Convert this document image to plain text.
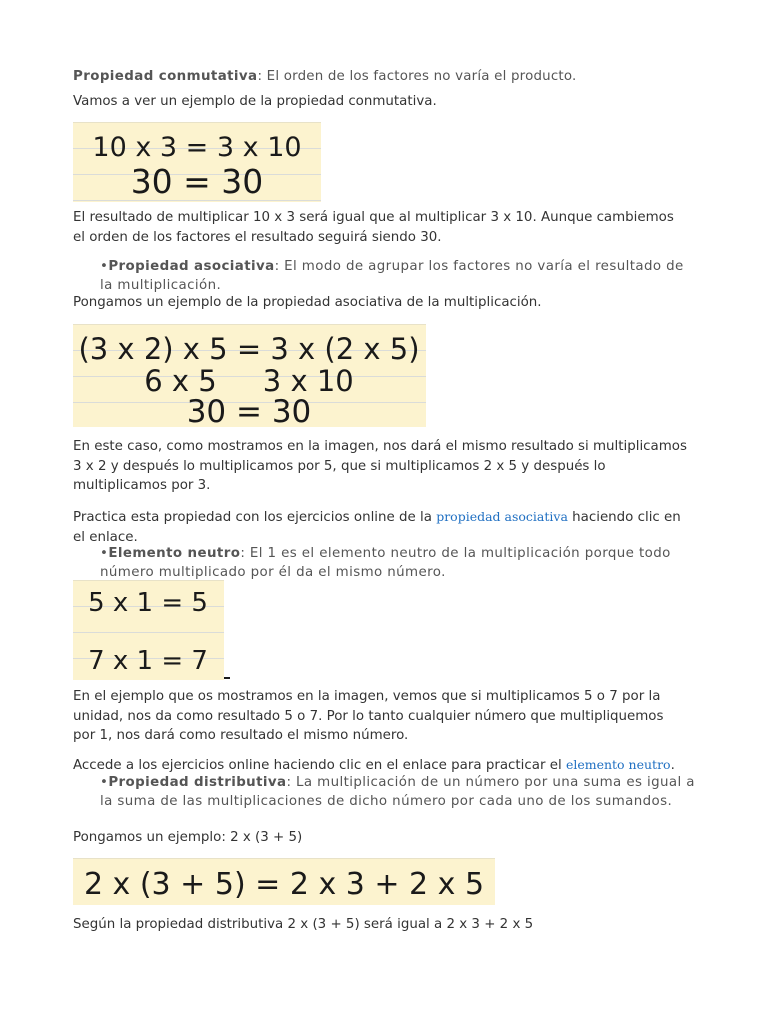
Propiedad conmutativa: El orden de los factores no varía el producto.
Vamos a ver un ejemplo de la propiedad conmutativa.
10 x 3 = 3 x 10
30 = 30
El resultado de multiplicar 10 x 3 será igual que al multiplicar 3 x 10. Aunque cambiemos el orden de los factores el resultado seguirá siendo 30.
•Propiedad asociativa: El modo de agrupar los factores no varía el resultado de la multiplicación.
Pongamos un ejemplo de la propiedad asociativa de la multiplicación.
(3 x 2) x 5 = 3 x (2 x 5)
6 x 5     3 x 10
30 = 30
En este caso, como mostramos en la imagen, nos dará el mismo resultado si multiplicamos 3 x 2 y después lo multiplicamos por 5, que si multiplicamos 2 x 5 y después lo multiplicamos por 3.
Practica esta propiedad con los ejercicios online de la propiedad asociativa haciendo clic en el enlace.
•Elemento neutro: El 1 es el elemento neutro de la multiplicación porque todo número multiplicado por él da el mismo número.
5 x 1 = 5
7 x 1 = 7
En el ejemplo que os mostramos en la imagen, vemos que si multiplicamos 5 o 7 por la unidad, nos da como resultado 5 o 7. Por lo tanto cualquier número que multipliquemos por 1, nos dará como resultado el mismo número.
Accede a los ejercicios online haciendo clic en el enlace para practicar el elemento neutro.
•Propiedad distributiva: La multiplicación de un número por una suma es igual a la suma de las multiplicaciones de dicho número por cada uno de los sumandos.
Pongamos un ejemplo: 2 x (3 + 5)
2 x (3 + 5) = 2 x 3 + 2 x 5
Según la propiedad distributiva 2 x (3 + 5) será igual a 2 x 3 + 2 x 5
